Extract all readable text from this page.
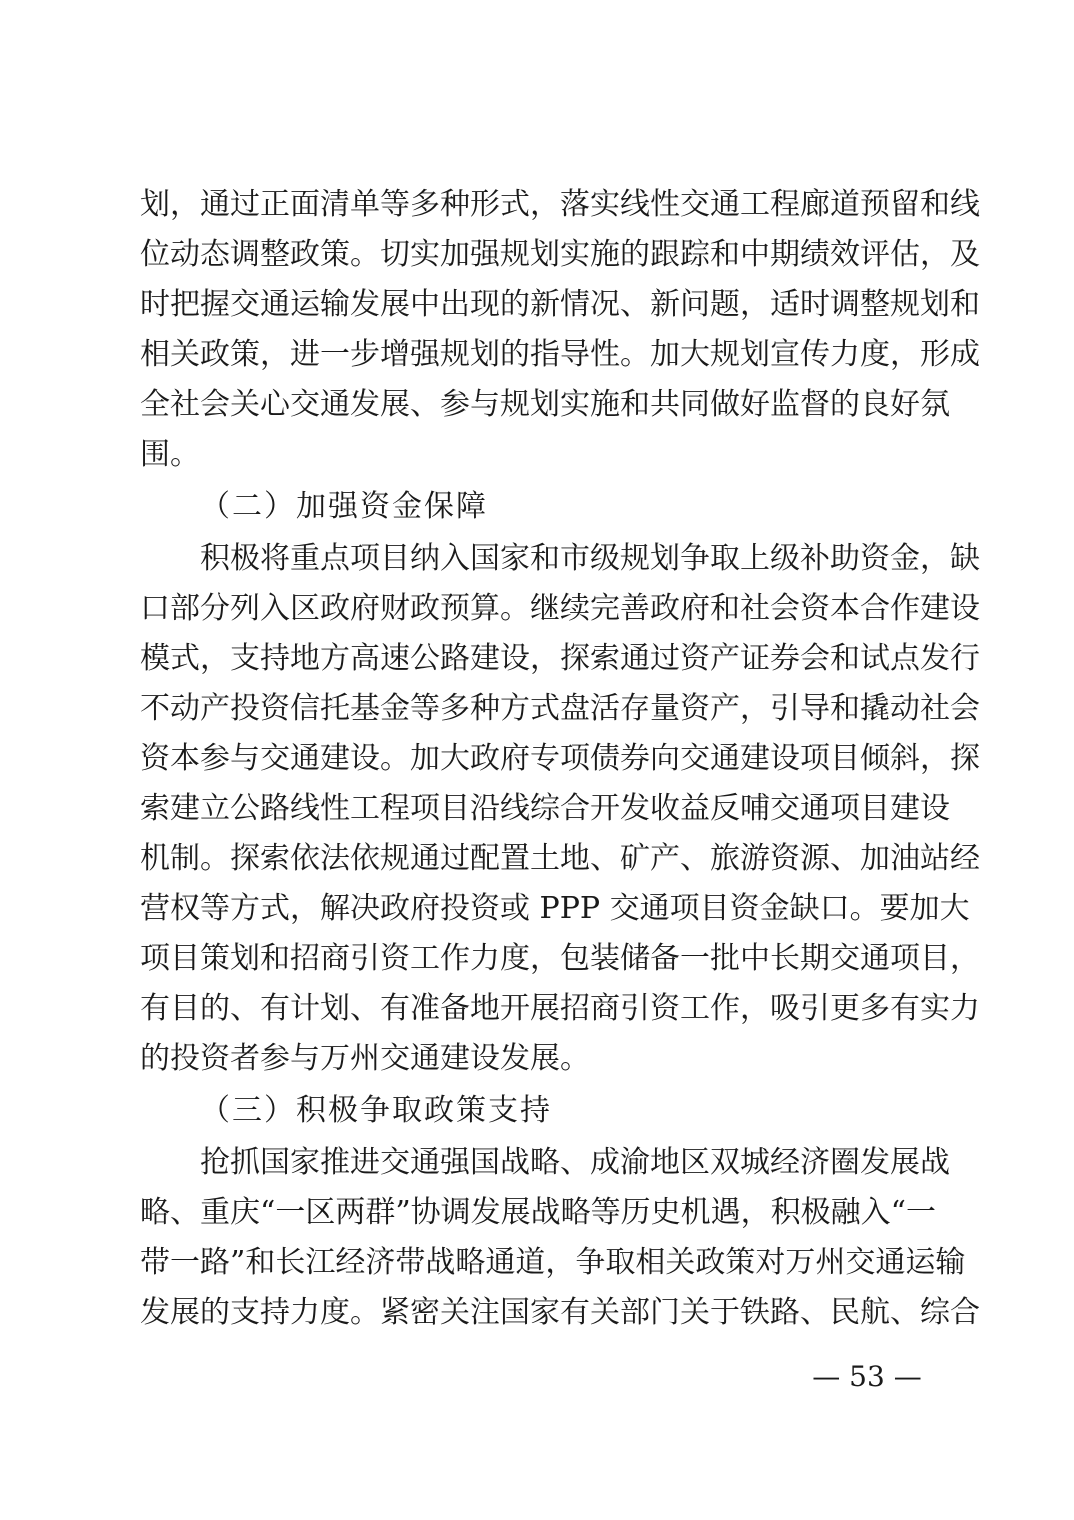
划，通过正面清单等多种形式，落实线性交通工程廊道预留和线
位动态调整政策。切实加强规划实施的跟踪和中期绩效评估，及
时把握交通运输发展中出现的新情况、新问题，适时调整规划和
相关政策，进一步增强规划的指导性。加大规划宣传力度，形成
全社会关心交通发展、参与规划实施和共同做好监督的良好氛
围。
（二）加强资金保障
积极将重点项目纳入国家和市级规划争取上级补助资金，缺
口部分列入区政府财政预算。继续完善政府和社会资本合作建设
模式，支持地方高速公路建设，探索通过资产证券会和试点发行
不动产投资信托基金等多种方式盘活存量资产，引导和撬动社会
资本参与交通建设。加大政府专项债券向交通建设项目倾斜，探
索建立公路线性工程项目沿线综合开发收益反哺交通项目建设
机制。探索依法依规通过配置土地、矿产、旅游资源、加油站经
营权等方式，解决政府投资或 PPP 交通项目资金缺口。要加大
项目策划和招商引资工作力度，包装储备一批中长期交通项目，
有目的、有计划、有准备地开展招商引资工作，吸引更多有实力
的投资者参与万州交通建设发展。
（三）积极争取政策支持
抢抓国家推进交通强国战略、成渝地区双城经济圈发展战
略、重庆“一区两群”协调发展战略等历史机遇，积极融入“一
带一路”和长江经济带战略通道，争取相关政策对万州交通运输
发展的支持力度。紧密关注国家有关部门关于铁路、民航、综合
— 53 —
